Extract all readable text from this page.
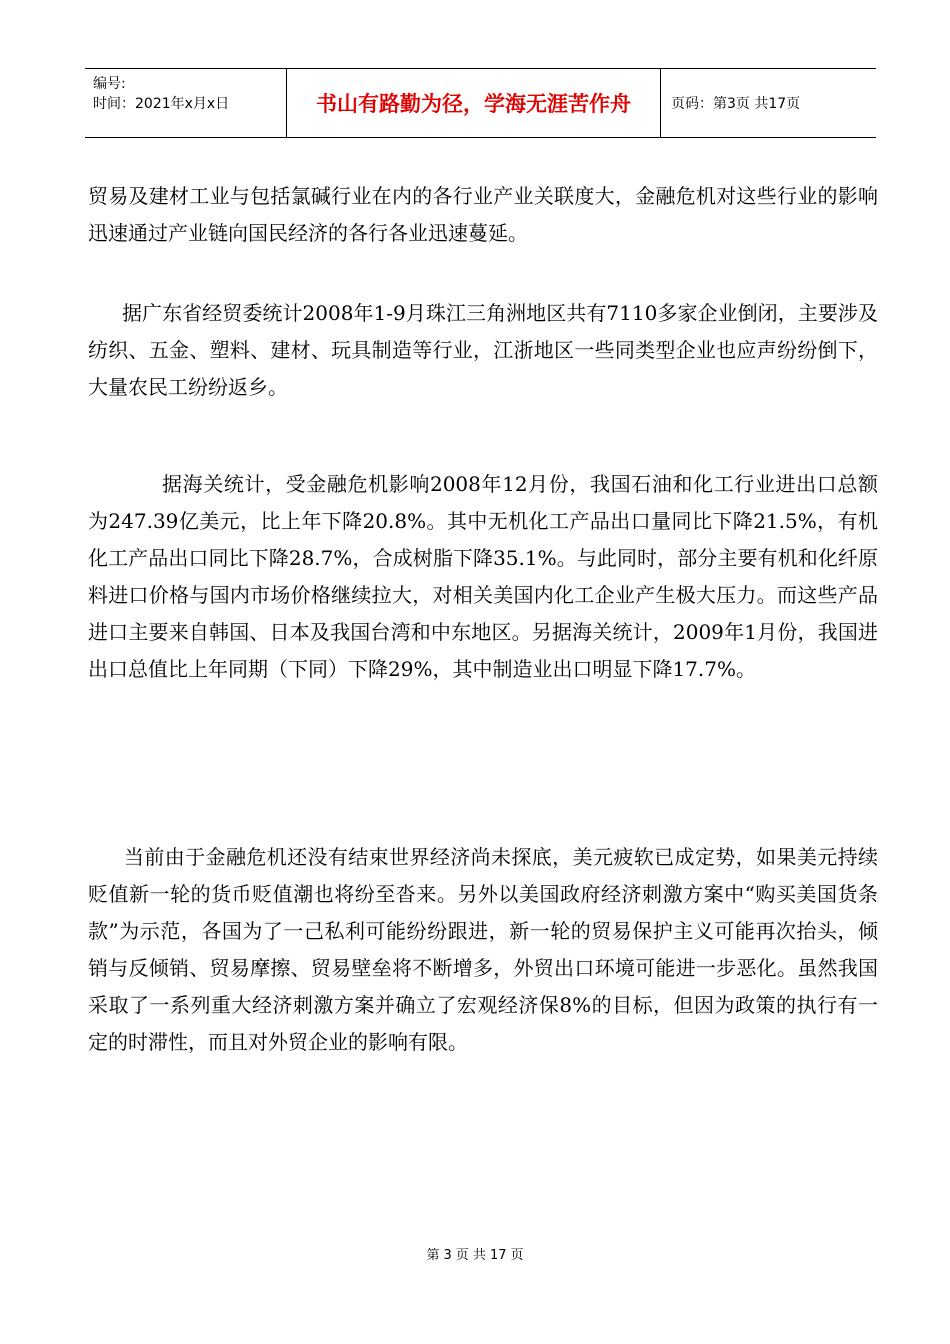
编号:
时间：2021年x月x日	书山有路勤为径，学海无涯苦作舟	页码：第3页 共17页

贸易及建材工业与包括氯碱行业在内的各行业产业关联度大，金融危机对这些行业的影响迅速通过产业链向国民经济的各行各业迅速蔓延。

据广东省经贸委统计2008年1-9月珠江三角洲地区共有7110多家企业倒闭，主要涉及纺织、五金、塑料、建材、玩具制造等行业，江浙地区一些同类型企业也应声纷纷倒下，大量农民工纷纷返乡。

据海关统计，受金融危机影响2008年12月份，我国石油和化工行业进出口总额为247.39亿美元，比上年下降20.8%。其中无机化工产品出口量同比下降21.5%，有机化工产品出口同比下降28.7%，合成树脂下降35.1%。与此同时，部分主要有机和化纤原料进口价格与国内市场价格继续拉大，对相关美国内化工企业产生极大压力。而这些产品进口主要来自韩国、日本及我国台湾和中东地区。另据海关统计，2009年1月份，我国进出口总值比上年同期（下同）下降29%，其中制造业出口明显下降17.7%。

当前由于金融危机还没有结束世界经济尚未探底，美元疲软已成定势，如果美元持续贬值新一轮的货币贬值潮也将纷至沓来。另外以美国政府经济刺激方案中“购买美国货条款”为示范，各国为了一己私利可能纷纷跟进，新一轮的贸易保护主义可能再次抬头，倾销与反倾销、贸易摩擦、贸易壁垒将不断增多，外贸出口环境可能进一步恶化。虽然我国采取了一系列重大经济刺激方案并确立了宏观经济保8%的目标，但因为政策的执行有一定的时滞性，而且对外贸企业的影响有限。

第 3 页 共 17 页
